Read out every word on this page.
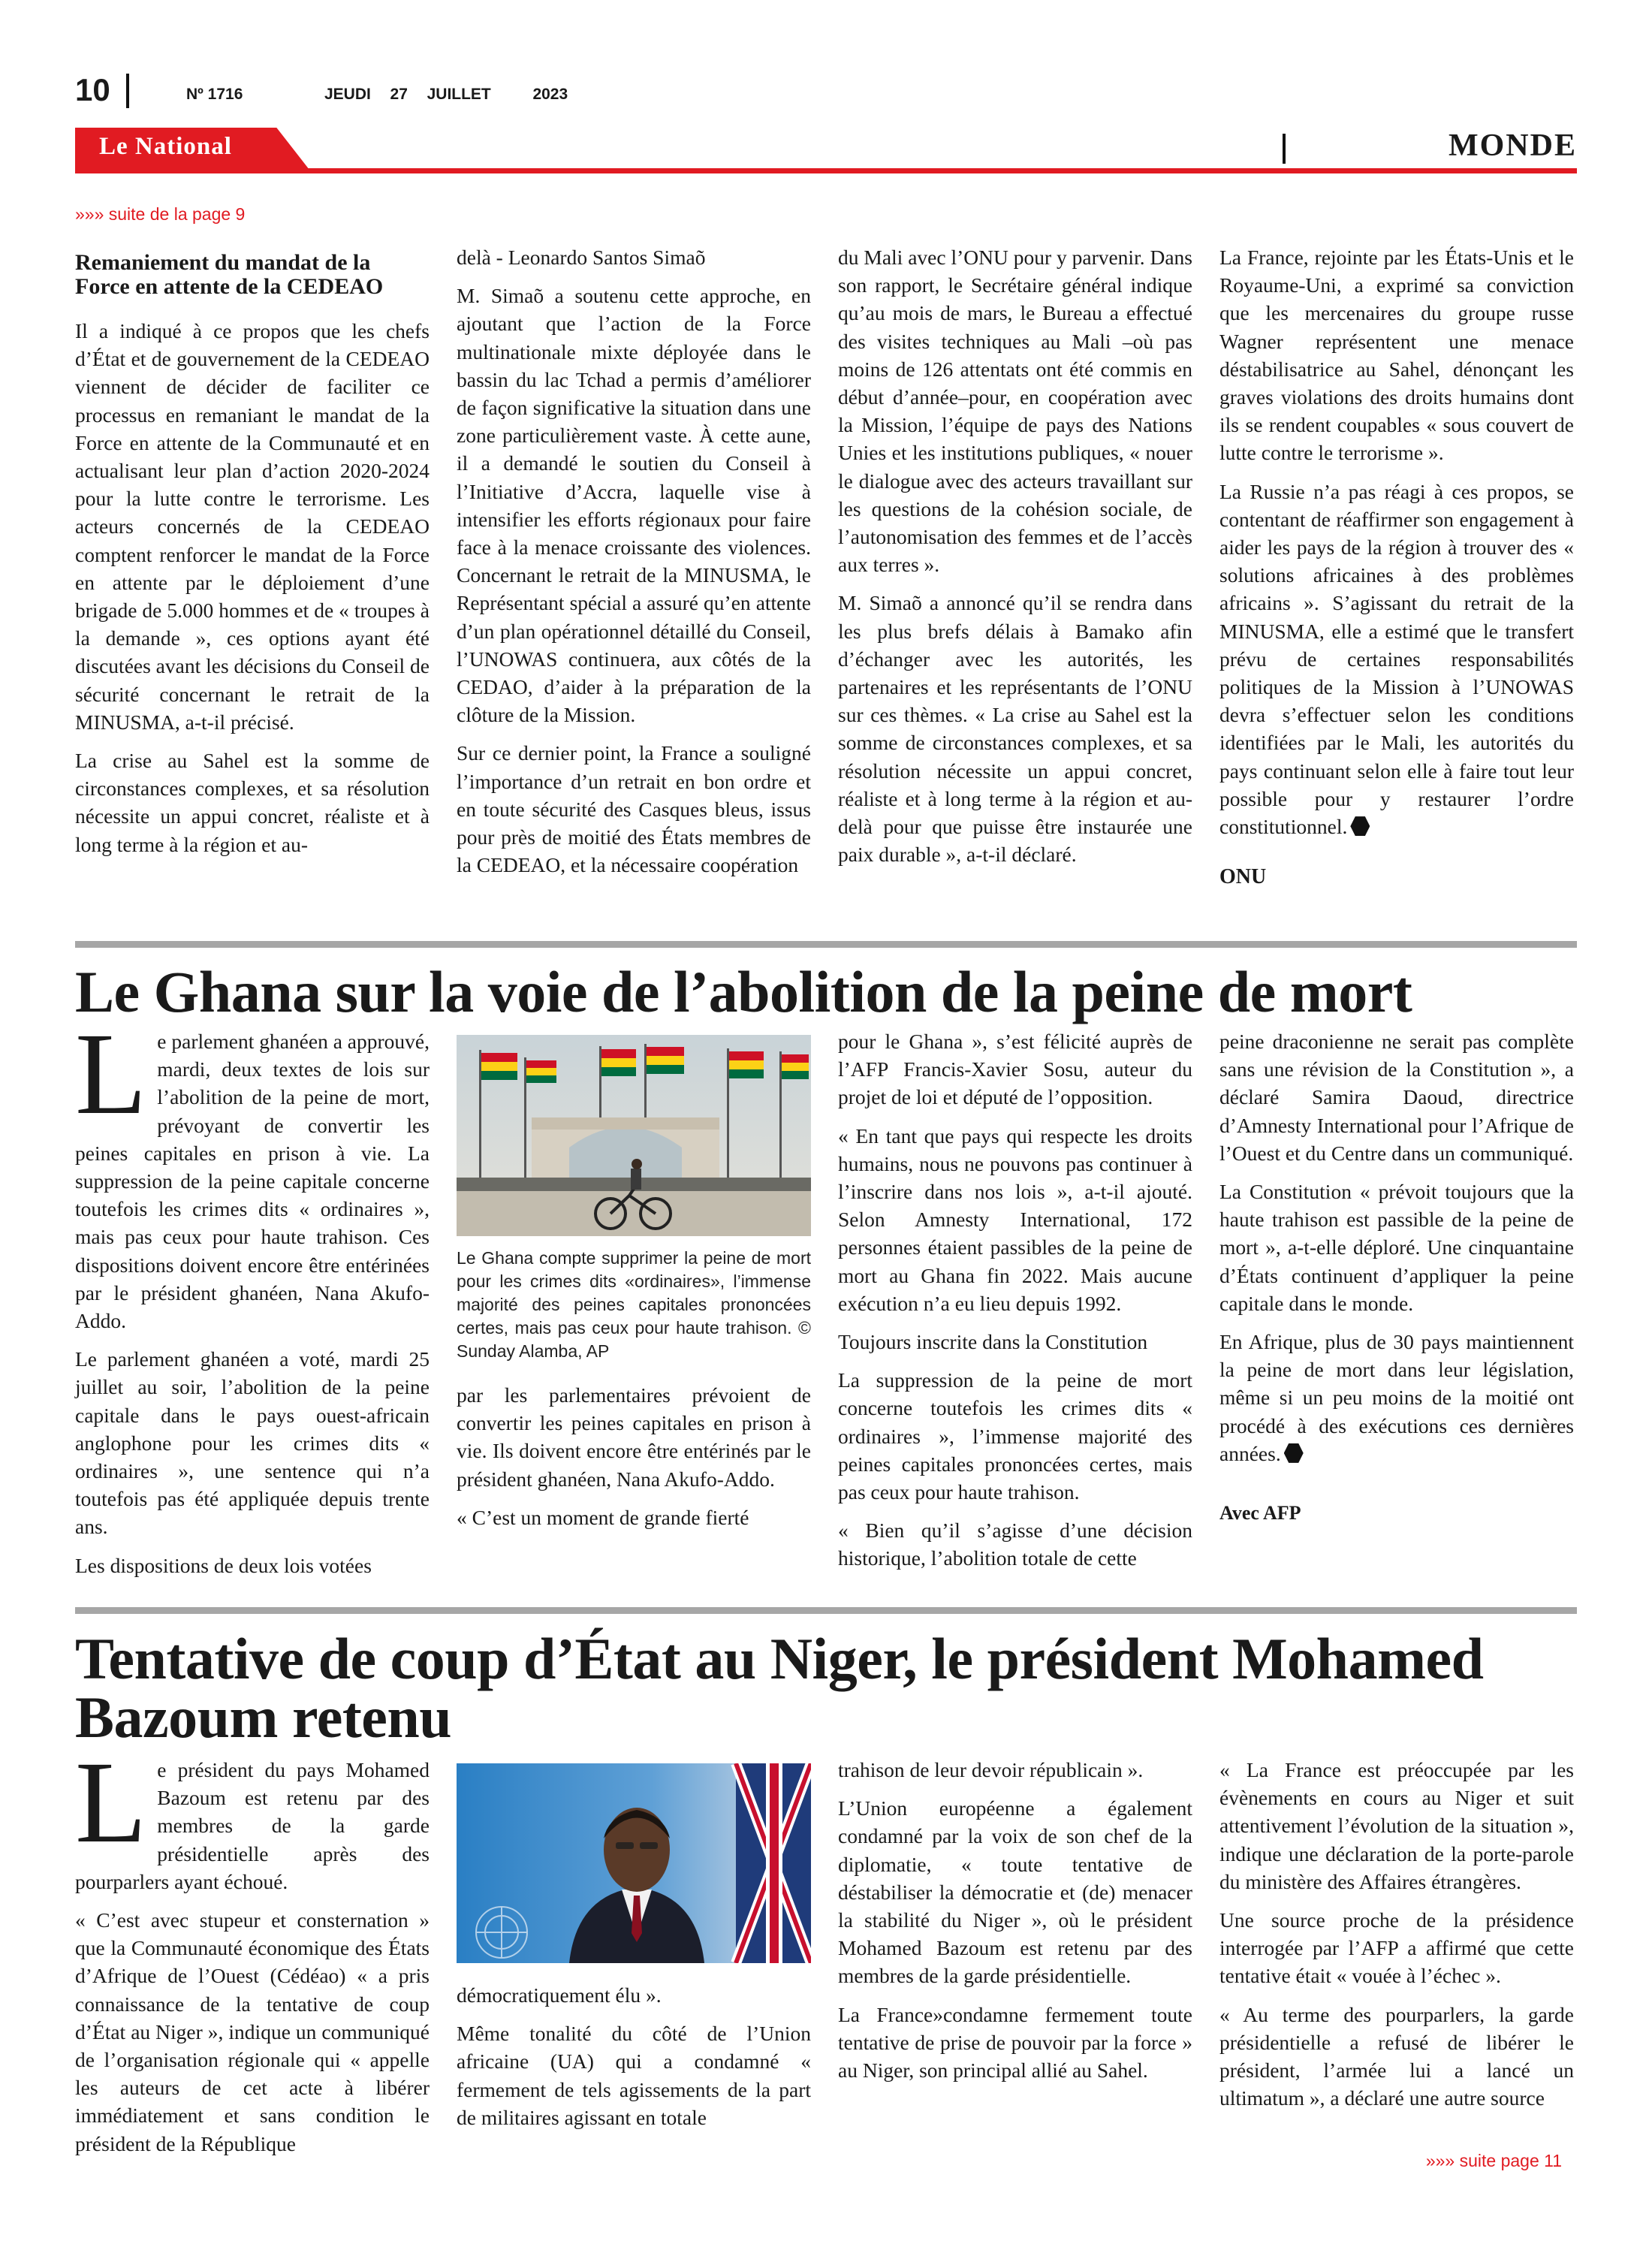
10	Nº 1716	JEUDI 27 JUILLET	2023
Le National	MONDE
»»» suite de la page 9
Remaniement du mandat de la Force en attente de la CEDEAO

Il a indiqué à ce propos que les chefs d’État et de gouvernement de la CEDEAO viennent de décider de faciliter ce processus en remaniant le mandat de la Force en attente de la Communauté et en actualisant leur plan d’action 2020-2024 pour la lutte contre le terrorisme. Les acteurs concernés de la CEDEAO comptent renforcer le mandat de la Force en attente par le déploiement d’une brigade de 5.000 hommes et de « troupes à la demande », ces options ayant été discutées avant les décisions du Conseil de sécurité concernant le retrait de la MINUSMA, a-t-il précisé.

La crise au Sahel est la somme de circonstances complexes, et sa résolution nécessite un appui concret, réaliste et à long terme à la région et au-

delà - Leonardo Santos Simaõ

M. Simaõ a soutenu cette approche, en ajoutant que l’action de la Force multinationale mixte déployée dans le bassin du lac Tchad a permis d’améliorer de façon significative la situation dans une zone particulièrement vaste. À cette aune, il a demandé le soutien du Conseil à l’Initiative d’Accra, laquelle vise à intensifier les efforts régionaux pour faire face à la menace croissante des violences. Concernant le retrait de la MINUSMA, le Représentant spécial a assuré qu’en attente d’un plan opérationnel détaillé du Conseil, l’UNOWAS continuera, aux côtés de la CEDAO, d’aider à la préparation de la clôture de la Mission.

Sur ce dernier point, la France a souligné l’importance d’un retrait en bon ordre et en toute sécurité des Casques bleus, issus pour près de moitié des États membres de la CEDEAO, et la nécessaire coopération

du Mali avec l’ONU pour y parvenir. Dans son rapport, le Secrétaire général indique qu’au mois de mars, le Bureau a effectué des visites techniques au Mali –où pas moins de 126 attentats ont été commis en début d’année–pour, en coopération avec la Mission, l’équipe de pays des Nations Unies et les institutions publiques, « nouer le dialogue avec des acteurs travaillant sur les questions de la cohésion sociale, de l’autonomisation des femmes et de l’accès aux terres ».

M. Simaõ a annoncé qu’il se rendra dans les plus brefs délais à Bamako afin d’échanger avec les autorités, les partenaires et les représentants de l’ONU sur ces thèmes. « La crise au Sahel est la somme de circonstances complexes, et sa résolution nécessite un appui concret, réaliste et à long terme à la région et au-delà pour que puisse être instaurée une paix durable », a-t-il déclaré.

La France, rejointe par les États-Unis et le Royaume-Uni, a exprimé sa conviction que les mercenaires du groupe russe Wagner représentent une menace déstabilisatrice au Sahel, dénonçant les graves violations des droits humains dont ils se rendent coupables « sous couvert de lutte contre le terrorisme ».

La Russie n’a pas réagi à ces propos, se contentant de réaffirmer son engagement à aider les pays de la région à trouver des « solutions africaines à des problèmes africains ». S’agissant du retrait de la MINUSMA, elle a estimé que le transfert prévu de certaines responsabilités politiques de la Mission à l’UNOWAS devra s’effectuer selon les conditions identifiées par le Mali, les autorités du pays continuant selon elle à faire tout leur possible pour y restaurer l’ordre constitutionnel.

ONU
Le Ghana sur la voie de l’abolition de la peine de mort

Le parlement ghanéen a approuvé, mardi, deux textes de lois sur l’abolition de la peine de mort, prévoyant de convertir les peines capitales en prison à vie. La suppression de la peine capitale concerne toutefois les crimes dits « ordinaires », mais pas ceux pour haute trahison. Ces dispositions doivent encore être entérinées par le président ghanéen, Nana Akufo-Addo.

Le parlement ghanéen a voté, mardi 25 juillet au soir, l’abolition de la peine capitale dans le pays ouest-africain anglophone pour les crimes dits « ordinaires », une sentence qui n’a toutefois pas été appliquée depuis trente ans.

Les dispositions de deux lois votées

Le Ghana compte supprimer la peine de mort pour les crimes dits «ordinaires», l’immense majorité des peines capitales prononcées certes, mais pas ceux pour haute trahison. © Sunday Alamba, AP

par les parlementaires prévoient de convertir les peines capitales en prison à vie. Ils doivent encore être entérinés par le président ghanéen, Nana Akufo-Addo.

« C’est un moment de grande fierté

pour le Ghana », s’est félicité auprès de l’AFP Francis-Xavier Sosu, auteur du projet de loi et député de l’opposition.

« En tant que pays qui respecte les droits humains, nous ne pouvons pas continuer à l’inscrire dans nos lois », a-t-il ajouté. Selon Amnesty International, 172 personnes étaient passibles de la peine de mort au Ghana fin 2022. Mais aucune exécution n’a eu lieu depuis 1992.

Toujours inscrite dans la Constitution

La suppression de la peine de mort concerne toutefois les crimes dits « ordinaires », l’immense majorité des peines capitales prononcées certes, mais pas ceux pour haute trahison.

« Bien qu’il s’agisse d’une décision historique, l’abolition totale de cette

peine draconienne ne serait pas complète sans une révision de la Constitution », a déclaré Samira Daoud, directrice d’Amnesty International pour l’Afrique de l’Ouest et du Centre dans un communiqué.

La Constitution « prévoit toujours que la haute trahison est passible de la peine de mort », a-t-elle déploré. Une cinquantaine d’États continuent d’appliquer la peine capitale dans le monde.

En Afrique, plus de 30 pays maintiennent la peine de mort dans leur législation, même si un peu moins de la moitié ont procédé à des exécutions ces dernières années.

Avec AFP
Tentative de coup d’État au Niger, le président Mohamed Bazoum retenu

Le président du pays Mohamed Bazoum est retenu par des membres de la garde présidentielle après des pourparlers ayant échoué.

« C’est avec stupeur et consternation » que la Communauté économique des États d’Afrique de l’Ouest (Cédéao) « a pris connaissance de la tentative de coup d’État au Niger », indique un communiqué de l’organisation régionale qui « appelle les auteurs de cet acte à libérer immédiatement et sans condition le président de la République

démocratiquement élu ».

Même tonalité du côté de l’Union africaine (UA) qui a condamné « fermement de tels agissements de la part de militaires agissant en totale

trahison de leur devoir républicain ».

L’Union européenne a également condamné par la voix de son chef de la diplomatie, « toute tentative de déstabiliser la démocratie et (de) menacer la stabilité du Niger », où le président Mohamed Bazoum est retenu par des membres de la garde présidentielle.

La France»condamne fermement toute tentative de prise de pouvoir par la force » au Niger, son principal allié au Sahel.

« La France est préoccupée par les évènements en cours au Niger et suit attentivement l’évolution de la situation », indique une déclaration de la porte-parole du ministère des Affaires étrangères.

Une source proche de la présidence interrogée par l’AFP a affirmé que cette tentative était « vouée à l’échec ».

« Au terme des pourparlers, la garde présidentielle a refusé de libérer le président, l’armée lui a lancé un ultimatum », a déclaré une autre source

»»» suite page 11
